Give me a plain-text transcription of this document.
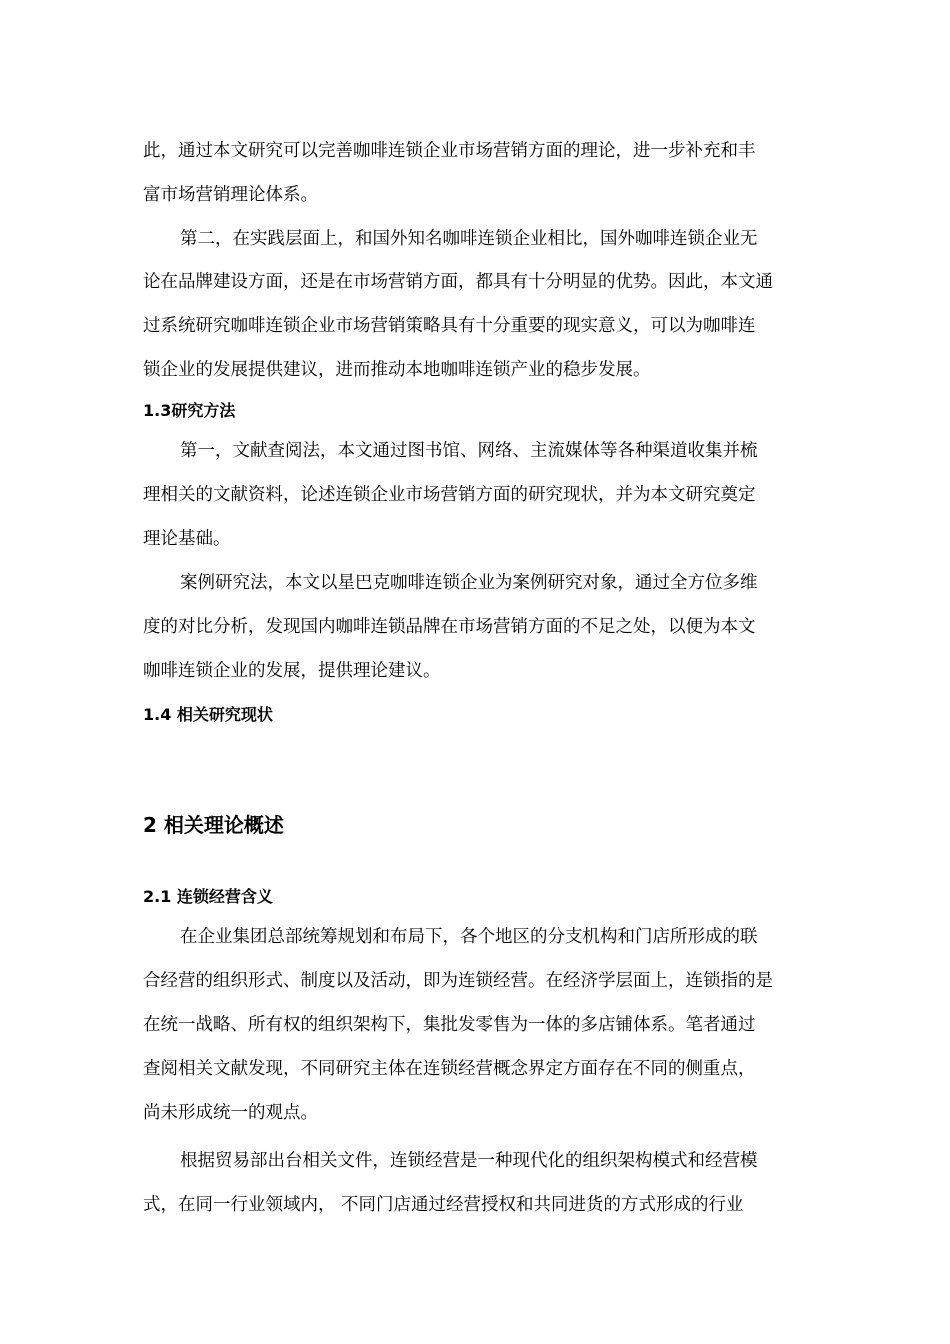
此，通过本文研究可以完善咖啡连锁企业市场营销方面的理论，进一步补充和丰
富市场营销理论体系。
第二，在实践层面上，和国外知名咖啡连锁企业相比，国外咖啡连锁企业无
论在品牌建设方面，还是在市场营销方面，都具有十分明显的优势。因此，本文通
过系统研究咖啡连锁企业市场营销策略具有十分重要的现实意义，可以为咖啡连
锁企业的发展提供建议，进而推动本地咖啡连锁产业的稳步发展。
1.3研究方法
第一，文献查阅法，本文通过图书馆、网络、主流媒体等各种渠道收集并梳
理相关的文献资料，论述连锁企业市场营销方面的研究现状，并为本文研究奠定
理论基础。
案例研究法，本文以星巴克咖啡连锁企业为案例研究对象，通过全方位多维
度的对比分析，发现国内咖啡连锁品牌在市场营销方面的不足之处，以便为本文
咖啡连锁企业的发展，提供理论建议。
1.4 相关研究现状
2 相关理论概述
2.1 连锁经营含义
在企业集团总部统筹规划和布局下，各个地区的分支机构和门店所形成的联
合经营的组织形式、制度以及活动，即为连锁经营。在经济学层面上，连锁指的是
在统一战略、所有权的组织架构下，集批发零售为一体的多店铺体系。笔者通过
查阅相关文献发现，不同研究主体在连锁经营概念界定方面存在不同的侧重点，
尚未形成统一的观点。
根据贸易部出台相关文件，连锁经营是一种现代化的组织架构模式和经营模
式，在同一行业领域内， 不同门店通过经营授权和共同进货的方式形成的行业
